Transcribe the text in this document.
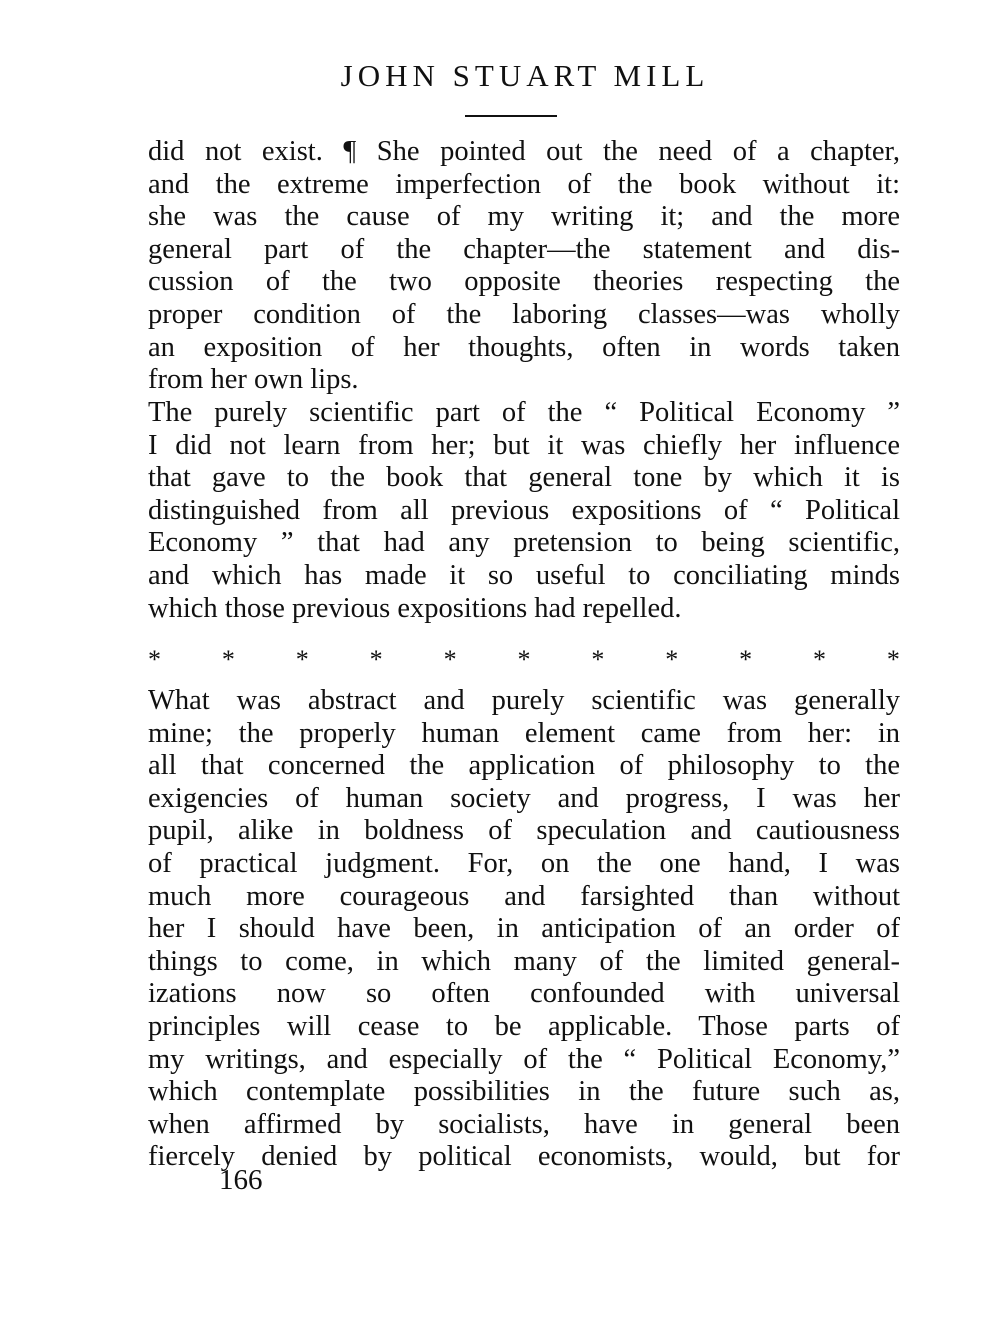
JOHN STUART MILL
did not exist. ¶ She pointed out the need of a chapter,
and the extreme imperfection of the book without it:
she was the cause of my writing it; and the more
general part of the chapter—the statement and dis-
cussion of the two opposite theories respecting the
proper condition of the laboring classes—was wholly
an exposition of her thoughts, often in words taken
from her own lips.
The purely scientific part of the “ Political Economy ”
I did not learn from her; but it was chiefly her influence
that gave to the book that general tone by which it is
distinguished from all previous expositions of “ Political
Economy ” that had any pretension to being scientific,
and which has made it so useful to conciliating minds
which those previous expositions had repelled.
* * * * * * * * * * *
What was abstract and purely scientific was generally
mine; the properly human element came from her: in
all that concerned the application of philosophy to the
exigencies of human society and progress, I was her
pupil, alike in boldness of speculation and cautiousness
of practical judgment. For, on the one hand, I was
much more courageous and farsighted than without
her I should have been, in anticipation of an order of
things to come, in which many of the limited general-
izations now so often confounded with universal
principles will cease to be applicable. Those parts of
my writings, and especially of the “ Political Economy,”
which contemplate possibilities in the future such as,
when affirmed by socialists, have in general been
fiercely denied by political economists, would, but for
166
